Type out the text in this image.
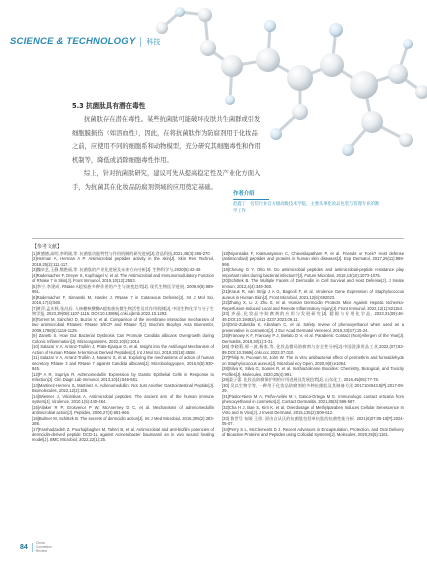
SCIENCE & TECHNOLOGY 科技
5.3 抗菌肽具有潜在毒性

抗菌肽存在潜在毒性。某些抗菌肽可能破坏皮肤共生菌群或引发细胞膜损伤（如溶血性），因此，在将抗菌肽作为防腐剂用于化妆品之前，应使用不同的细胞系和动物模型，充分研究其细胞毒性和作用机制等，降低或消除细胞毒性作用。

综上，针对抗菌肽研究，建议可先从提高稳定性及产业化方面入手，为抗菌其在化妆品防腐剂领域的应用奠定基础。

作者介绍
赵鑫丁：包装行业官方级高级技术学院，主要从事化妆品包装与管理专业的教学工作
【参考文献】
[1]黄德德,高明,李明刚,等. 抗菌肽功能特性与作用机制的研究进展[J].食品科技,2021,46(3):265-270
[2]Herman A, Herman A P. Antimicrobial peptides activity in the skin[J]. Skin Res Technol, 2019,25(2):111-117.
[3]魏卓艺,王静,熊艳丽,等. 抗菌肽的产业化进展及未来方向分析[J]. 生物科学与,2020(5):42-46
[4]Rademacher F, Dreyer S, Kopfnagel V, et al. The Antimicrobial and Immunomodulatory Function of RNase 7 in Skin[J]. Front Immunol, 2019,10(12):2553.
[5]李宁,李建成. RNase A超家族多种作用的产生与演变趋势[J]. 现代生物医学进展, 2009,9(5):989-991.
[6]Rademacher F, Simanski M, Harder J. RNase 7 in Cutaneous Defense[J]. Int J Mol Sci, 2016,17(4):560.
[7]黄萍,孟庆秋,张昌辰. 人核糖核酸酶A超家族抗微生物活性及其作用机制[J]. 中国生物化学与分子生物学报, 2023,39(08):1107-1115. DOI:10.13865/j.cnki.cjbmb.2022.10.1293.
[8]Torrent M, Sánchez D, Buzón V, et al. Comparison of the membrane interaction mechanism of two antimicrobial RNases: RNase 3/ECP and RNase 7[J]. Biochim Biophys Acta Biomembr, 2009,1788(5):1116-1125.
[9] Zanetti S. How Gut Bacterial Dysbiosis Can Promote Candida albicans Overgrowth during Colonic Inflammation[J]. Microorganisms, 2022,10(5):1014.
[10] Salazar V A, Arranz-Trullén J, Prats-Ejarque G, et al. Insight into the Antifungal Mechanism of Action of Human RNase N-terminus Derived Peptides[J]. Int J Mol Sci, 2019,20(18):4558.
[11] Salazar V A, Arranz-Trullén J, Navarro S, et al. Exploring the mechanisms of action of human secretory RNase 3 and RNase 7 against Candida albicans[J]. Microbiologyopen, 2016,5(5):830-845.
[12]P A R, Supriya R. Adrenomedullin Expression by Gastric Epithelial Cells in Response to Infection[J]. Clin Diagn Lab Immunol, 2013,10(4):546-551.
[13]Martinez-Herrero S, Martínez A. Adrenomedullin: Not Just Another Gastrointestinal Peptide[J]. Biomolecules, 2022,12(2):156.
[14]Wiesner J, Vilcinskas A. Antimicrobial peptides: The ancient arm of the human immune system[J]. Virulence, 2010,1(5):440-464.
[15]Allaker R P, Grosvenor P W, McAnerney D C, et al. Mechanisms of adrenomedullin antimicrobial action[J]. Peptides, 2006,27(4):661-666.
[16]Bulmer M, Schittek B. The secrets of dermcidin action[J]. Int J Med Microbiol, 2015,305(2):283-286.
[17]Farshadzadeh Z, Pourhajibagher M, Taheri B, et al. Antimicrobial and anti-biofilm potencies of dermcidin-derived peptide DCD-1L against Acinetobacter baumannii an in vivo wound healing model[J]. BMC Microbiol, 2022,22(1):25.
[18]Niyonsaba F, Kiatsurayanon C, Chieosilapatham P, et al. Friends or Foes? Host defense (antimicrobial) peptides and proteins in human skin diseases[J]. Exp Dermatol, 2017,26(11):989-998.
[19]Cheung G Y, Otto M. Do antimicrobial peptides and antimicrobial-peptide resistance play important roles during bacterial infection?[J]. Future Microbiol, 2018,13(10):1073-1075.
[20]Schittek B. The Multiple Facets of Dermcidin in Cell Survival and Host Defense[J]. J Innate Immun, 2012,4(4):349-360.
[21]Kraus R, van Strijp J A G, Bagnoli F, et al. Virulence Gene Expression of Staphylococcus aureus in Human Skin[J]. Front Microbiol, 2021,12(6):692023.
[22]Zhang X, Li J, Zhu S, et al. Human Dermcidin Protects Mice Against Hepatic Ischemia-Reperfusion-Induced Local and Remote Inflammatory Injury[J]. Front Immunol, 2022,12(1):821154.
[23] 齐晶,化妆品中防腐剂的应用与发展研究[J]. 精细与专用化学品, 2023,31(09):46-49.DOI:10.19482/j.cn11-3237.2023.09.11.
[24]Ortiz-Zubeldia K, Abraham C, et al. Safety review of phenoxyethanol when used as a preservative in cosmetics[J]. J Eur Acad Dermatol Venereol, 2019,33(S7):15-24.
[25]Franowy K F, Franowy P J, Bielato D V, et al. Parabens: Contact (Non)Allergen of the Year[J]. Dermatitis, 2019,30(1):3-31.
[26] 李晓莉,邢一波,杨家,等. 化妆品微局防腐剂与安全性分析[J].中国洗涤用品工业,2022,(07):82-89.DOI:10.3969/j.cnki.ccc.2022.07.010.
[27]Philip N, Poonam M, John W. The in vitro antibacterial effect of permethrin and formaldehyde on Staphylococcus aureus[J]. Microbial ecy Open, 2020,9(8):e1054.
[28]Silva K, Silva G, Soares R, et al. Isothiazolinone Biocides: Chemistry, Biological, and Toxicity Profiles[J]. Molecules, 2020,25(4):991.
[29]姜子蕾. 化妆品防腐保护剂的应用进展及发展趋势[J]. 山东化工, 2016,45(05):77-78.
[30] 吴以生物学等, 一种用于化妆品防腐剂的多种抗菌肽及其制备方法:2017104043.5[P].2017-09-29.
[31]Pastor-Nieto M A, Peña-Avilés M I, Gatica-Ortega M E. Immunologic contact urticaria from phenoxyethanol in cosmetics[J]. Contact Dermatitis, 2021,85(5):586-587.
[32]Cha H J, Bae S, Kim K, et al. Overdosage of Methylparaben Induces Cellular Senescence In Vitro and In Vivo[J]. J Invest Dermatol, 2015,135(2):609-612.
[33] 鲁世号 布顾 王欣. 原由自从氏的抗菌肽包括单抗肽的抗菌性能分析. 2021(6)07:05-10[P].2024-05-07.
[34]Perry S L, McClements D J. Recent Advances in Encapsulation, Protection, and Oral Delivery of Bioactive Proteins and Peptides using Colloidal Systems[J]. Molecules, 2020,25(5):1161.
84
China
Cosmetics
Review
